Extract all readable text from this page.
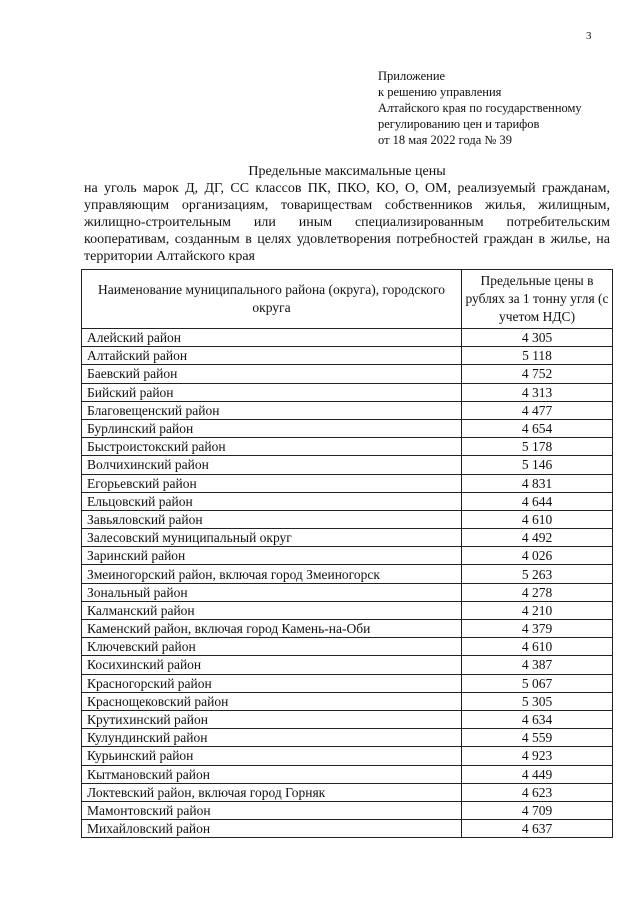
3
Приложение
к решению управления
Алтайского края по государственному
регулированию цен и тарифов
от 18 мая 2022 года № 39
Предельные максимальные цены
на уголь марок Д, ДГ, СС классов ПК, ПКО, КО, О, ОМ, реализуемый гражданам, управляющим организациям, товариществам собственников жилья, жилищным, жилищно-строительным или иным специализированным потребительским кооперативам, созданным в целях удовлетворения потребностей граждан в жилье, на территории Алтайского края
Наименование муниципального района (округа), городского округа	Предельные цены в рублях за 1 тонну угля (с учетом НДС)
Алейский район	4 305
Алтайский район	5 118
Баевский район	4 752
Бийский район	4 313
Благовещенский район	4 477
Бурлинский район	4 654
Быстроистокский район	5 178
Волчихинский район	5 146
Егорьевский район	4 831
Ельцовский район	4 644
Завьяловский район	4 610
Залесовский муниципальный округ	4 492
Заринский район	4 026
Змеиногорский район, включая город Змеиногорск	5 263
Зональный район	4 278
Калманский район	4 210
Каменский район, включая город Камень-на-Оби	4 379
Ключевский район	4 610
Косихинский район	4 387
Красногорский район	5 067
Краснощековский район	5 305
Крутихинский район	4 634
Кулундинский район	4 559
Курьинский район	4 923
Кытмановский район	4 449
Локтевский район, включая город Горняк	4 623
Мамонтовский район	4 709
Михайловский район	4 637
